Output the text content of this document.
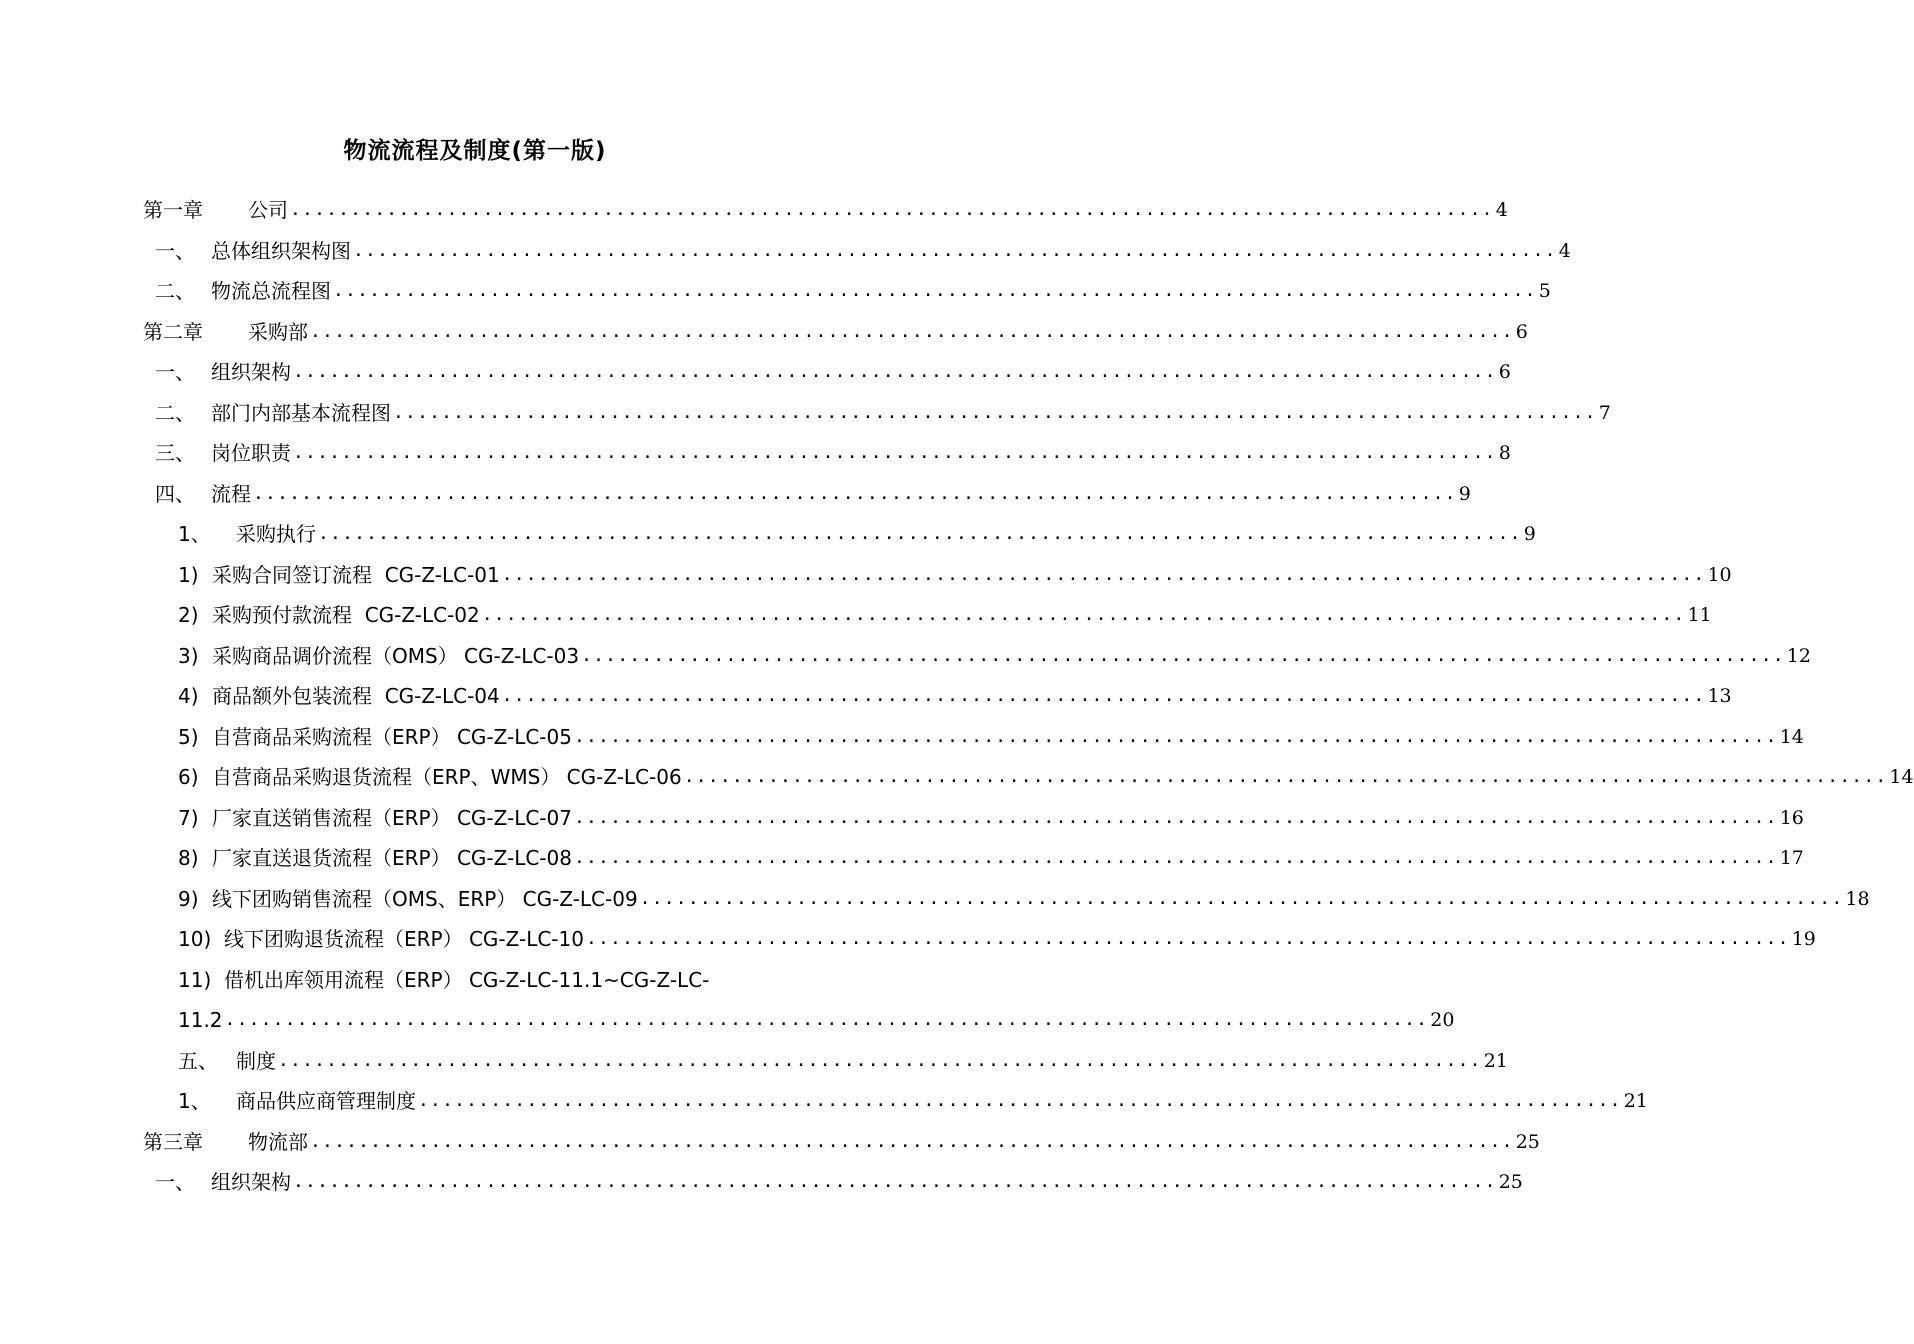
物流流程及制度(第一版)
第一章	公司 .................................................................................................... 4
一、 总体组织架构图 .................................................................................................... 4
二、 物流总流程图 .................................................................................................... 5
第二章	采购部 .................................................................................................... 6
一、 组织架构 .................................................................................................... 6
二、 部门内部基本流程图 .................................................................................................... 7
三、 岗位职责 .................................................................................................... 8
四、 流程 .................................................................................................... 9
1、	采购执行 .................................................................................................... 9
1) 采购合同签订流程  CG-Z-LC-01 .................................................................................................... 10
2) 采购预付款流程  CG-Z-LC-02 .................................................................................................... 11
3) 采购商品调价流程（OMS） CG-Z-LC-03 .................................................................................................... 12
4) 商品额外包装流程  CG-Z-LC-04 .................................................................................................... 13
5) 自营商品采购流程（ERP） CG-Z-LC-05 .................................................................................................... 14
6) 自营商品采购退货流程（ERP、WMS） CG-Z-LC-06 .................................................................................................... 14
7) 厂家直送销售流程（ERP） CG-Z-LC-07 .................................................................................................... 16
8) 厂家直送退货流程（ERP） CG-Z-LC-08 .................................................................................................... 17
9) 线下团购销售流程（OMS、ERP） CG-Z-LC-09 .................................................................................................... 18
10) 线下团购退货流程（ERP） CG-Z-LC-10 .................................................................................................... 19
11) 借机出库领用流程（ERP） CG-Z-LC-11.1~CG-Z-LC-
11.2 .................................................................................................... 20
五、 制度 .................................................................................................... 21
1、	商品供应商管理制度 .................................................................................................... 21
第三章	物流部 .................................................................................................... 25
一、 组织架构 .................................................................................................... 25
